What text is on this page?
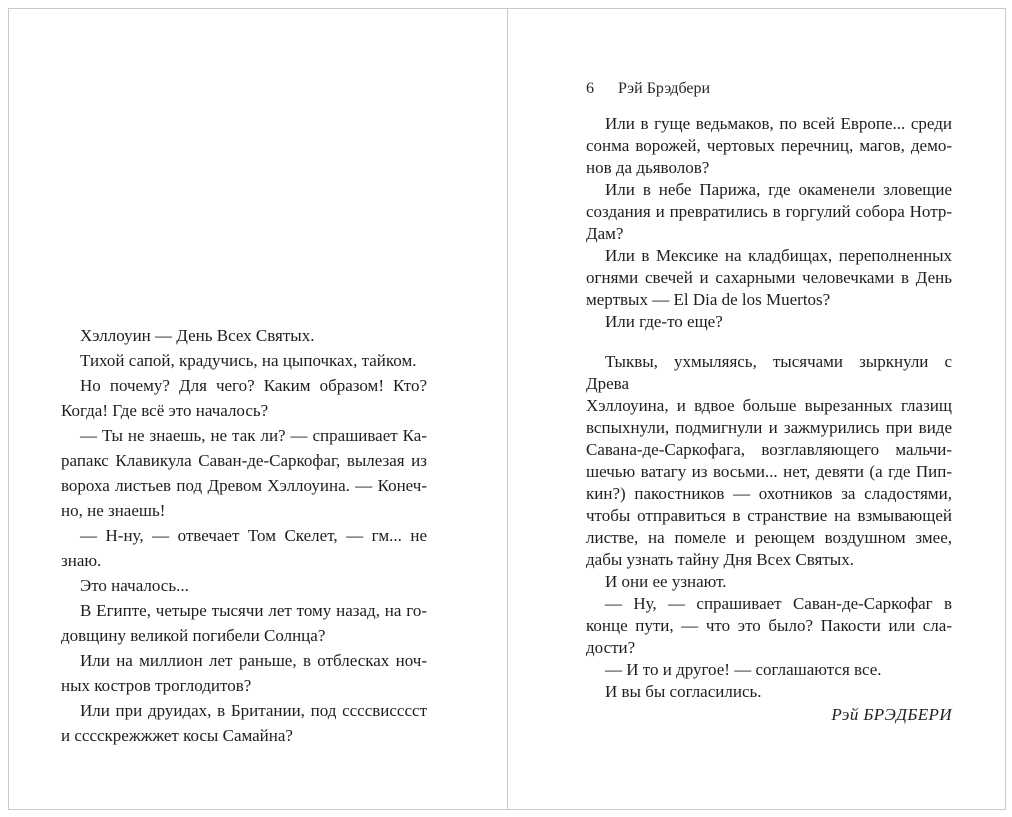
Хэллоуин — День Всех Святых.
Тихой сапой, крадучись, на цыпочках, тайком.
Но почему? Для чего? Каким образом! Кто?
Когда! Где всё это началось?
— Ты не знаешь, не так ли? — спрашивает Ка-
рапакс Клавикула Саван-де-Саркофаг, вылезая из
вороха листьев под Древом Хэллоуина. — Конеч-
но, не знаешь!
— Н-ну, — отвечает Том Скелет, — гм... не
знаю.
Это началось...
В Египте, четыре тысячи лет тому назад, на го-
довщину великой погибели Солнца?
Или на миллион лет раньше, в отблесках ноч-
ных костров троглодитов?
Или при друидах, в Британии, под ссссвисссст
и сссскрежжжет косы Самайна?
6 Рэй Брэдбери
Или в гуще ведьмаков, по всей Европе... среди
сонма ворожей, чертовых перечниц, магов, демо-
нов да дьяволов?
Или в небе Парижа, где окаменели зловещие
создания и превратились в горгулий собора Нотр-
Дам?
Или в Мексике на кладбищах, переполненных
огнями свечей и сахарными человечками в День
мертвых — El Dia de los Muertos?
Или где-то еще?
Тыквы, ухмыляясь, тысячами зыркнули с Древа
Хэллоуина, и вдвое больше вырезанных глазищ
вспыхнули, подмигнули и зажмурились при виде
Савана-де-Саркофага, возглавляющего мальчи-
шечью ватагу из восьми... нет, девяти (а где Пип-
кин?) пакостников — охотников за сладостями,
чтобы отправиться в странствие на взмывающей
листве, на помеле и реющем воздушном змее,
дабы узнать тайну Дня Всех Святых.
И они ее узнают.
— Ну, — спрашивает Саван-де-Саркофаг в
конце пути, — что это было? Пакости или сла-
дости?
— И то и другое! — соглашаются все.
И вы бы согласились.
Рэй БРЭДБЕРИ
